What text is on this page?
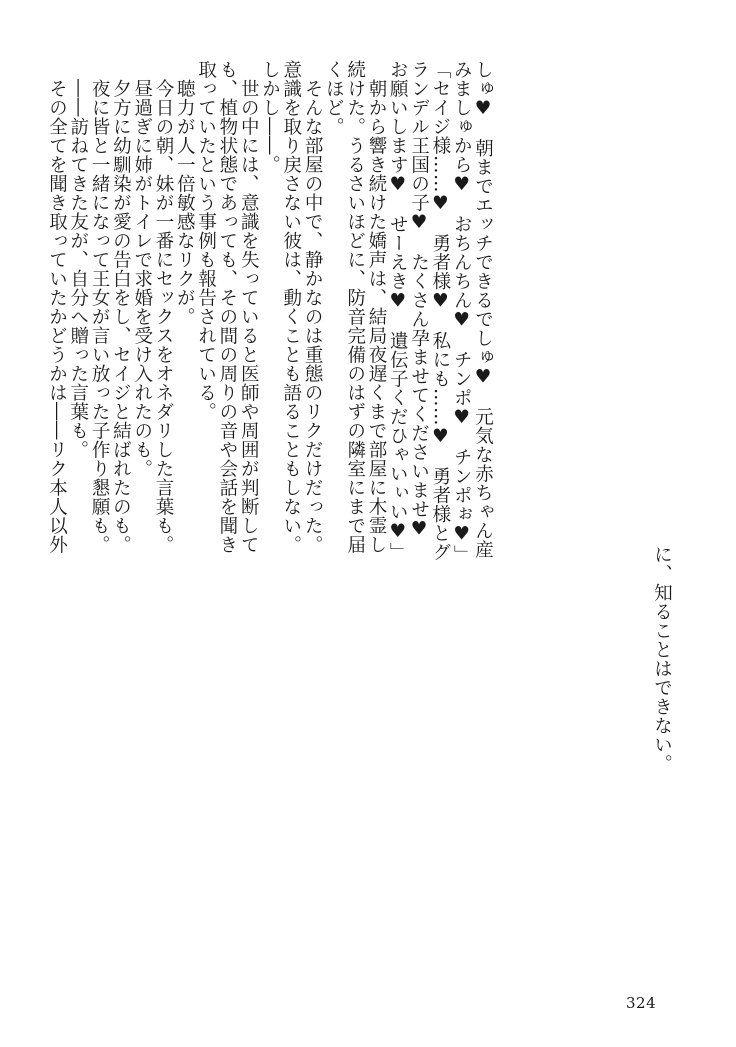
しゅ♥　朝までエッチできるでしゅ♥　元気な赤ちゃん産
みましゅから♥　おちんちん♥　チンポ♥　チンポぉ♥」
「セイジ様……♥　勇者様♥　私にも……♥　勇者様とグ
ランデル王国の子♥　たくさん孕ませてくださいませ♥
お願いします♥　せーえき♥　遺伝子くだひゃいぃい♥」
　朝から響き続けた嬌声は、結局夜遅くまで部屋に木霊し
続けた。うるさいほどに、防音完備のはずの隣室にまで届
くほど。
　そんな部屋の中で、静かなのは重態のリクだけだった。
意識を取り戻さない彼は、動くことも語ることもしない。
しかし――。
　世の中には、意識を失っていると医師や周囲が判断して
も、植物状態であっても、その間の周りの音や会話を聞き
取っていたという事例も報告されている。
　聴力が人一倍敏感なリクが。
　今日の朝、妹が一番にセックスをオネダリした言葉も。
　昼過ぎに姉がトイレで求婚を受け入れたのも。
　夕方に幼馴染が愛の告白をし、セイジと結ばれたのも。
　夜に皆と一緒になって王女が言い放った子作り懇願も。
　――訪ねてきた友が、自分へ贈った言葉も。
　その全てを聞き取っていたかどうかは――リク本人以外
に、知ることはできない。
324
